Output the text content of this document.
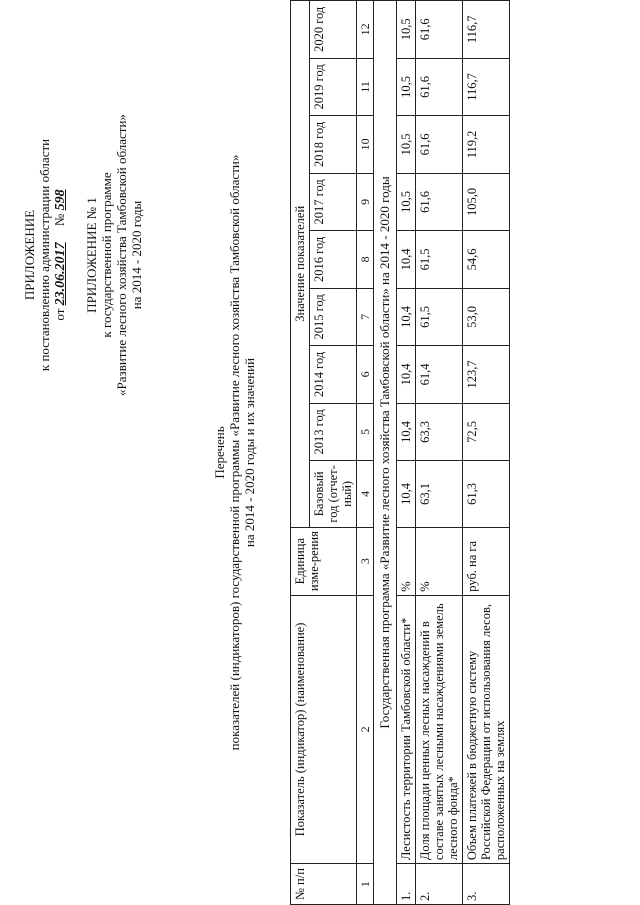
ПРИЛОЖЕНИЕ к постановлению администрации области от 23.06.2017     № 598 ПРИЛОЖЕНИЕ № 1 к государственной программе «Развитие лесного хозяйства Тамбовской области» на 2014 - 2020 годы
Перечень показателей (индикаторов) государственной программы «Развитие лесного хозяйства Тамбовской области» на 2014 - 2020 годы и их значений
№ п/п	Показатель (индикатор) (наименование)	Единица изме-рения	Значение показателей								
			Базовый год (отчет-ный)	2013 год	2014 год	2015 год	2016 год	2017 год	2018 год	2019 год	2020 год
1	2	3	4	5	6	7	8	9	10	11	12
Государственная программа «Развитие лесного хозяйства Тамбовской области» на 2014 - 2020 годы											
1.	Лесистость территории Тамбовской области*	%	10,4	10,4	10,4	10,4	10,4	10,5	10,5	10,5	10,5
2.	Доля площади ценных лесных насаждений в составе занятых лесными насаждениями земель лесного фонда*	%	63,1	63,3	61,4	61,5	61,5	61,6	61,6	61,6	61,6
3.	Объем платежей в бюджетную систему Российской Федерации от использования лесов, расположенных на землях	руб. на га	61,3	72,5	123,7	53,0	54,6	105,0	119,2	116,7	116,7
